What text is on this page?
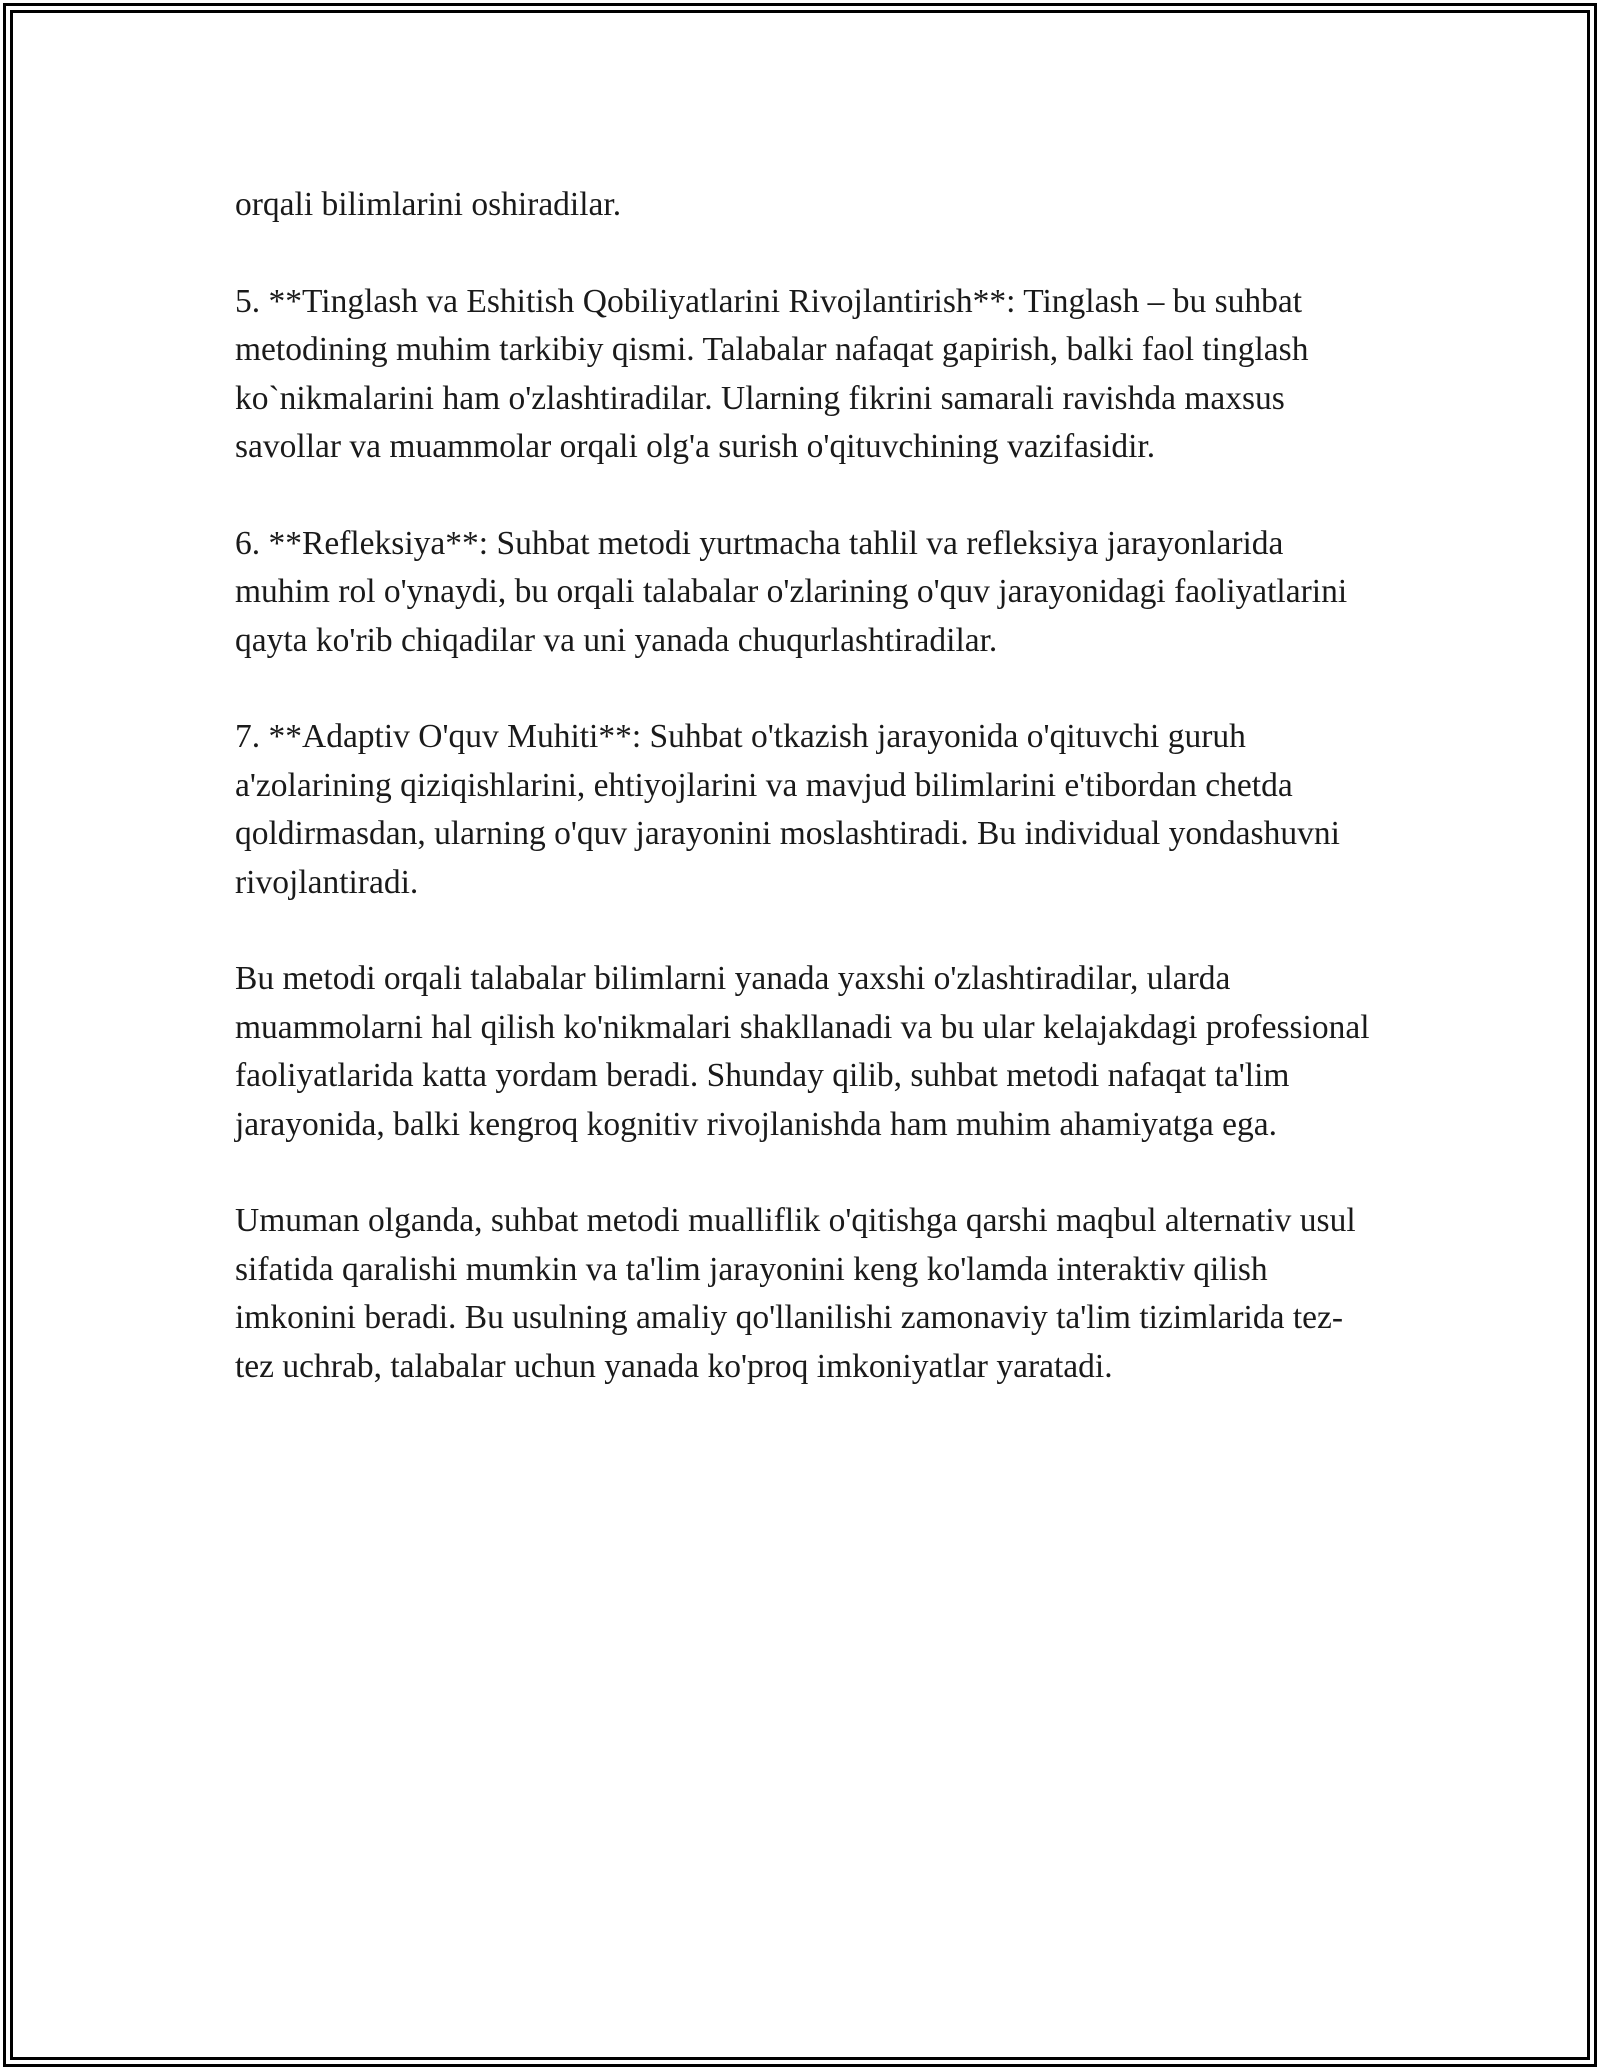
orqali bilimlarini oshiradilar.

5. **Tinglash va Eshitish Qobiliyatlarini Rivojlantirish**: Tinglash – bu suhbat metodining muhim tarkibiy qismi. Talabalar nafaqat gapirish, balki faol tinglash ko`nikmalarini ham o'zlashtiradilar. Ularning fikrini samarali ravishda maxsus savollar va muammolar orqali olg'a surish o'qituvchining vazifasidir.

6. **Refleksiya**: Suhbat metodi yurtmacha tahlil va refleksiya jarayonlarida muhim rol o'ynaydi, bu orqali talabalar o'zlarining o'quv jarayonidagi faoliyatlarini qayta ko'rib chiqadilar va uni yanada chuqurlashtiradilar.

7. **Adaptiv O'quv Muhiti**: Suhbat o'tkazish jarayonida o'qituvchi guruh a'zolarining qiziqishlarini, ehtiyojlarini va mavjud bilimlarini e'tibordan chetda qoldirmasdan, ularning o'quv jarayonini moslashtiradi. Bu individual yondashuvni rivojlantiradi.

Bu metodi orqali talabalar bilimlarni yanada yaxshi o'zlashtiradilar, ularda muammolarni hal qilish ko'nikmalari shakllanadi va bu ular kelajakdagi professional faoliyatlarida katta yordam beradi. Shunday qilib, suhbat metodi nafaqat ta'lim jarayonida, balki kengroq kognitiv rivojlanishda ham muhim ahamiyatga ega.

Umuman olganda, suhbat metodi mualliflik o'qitishga qarshi maqbul alternativ usul sifatida qaralishi mumkin va ta'lim jarayonini keng ko'lamda interaktiv qilish imkonini beradi. Bu usulning amaliy qo'llanilishi zamonaviy ta'lim tizimlarida tez-tez uchrab, talabalar uchun yanada ko'proq imkoniyatlar yaratadi.
